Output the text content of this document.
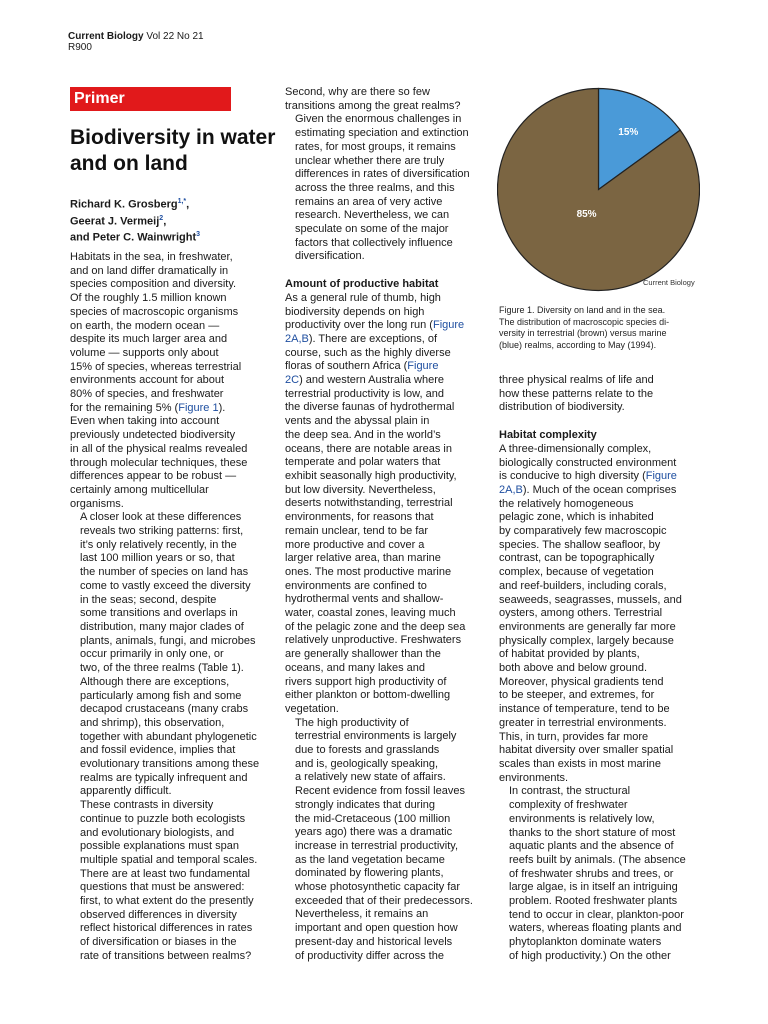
Current Biology Vol 22 No 21
R900
Primer
Biodiversity in water and on land
Richard K. Grosberg$^{1,*}$,
Geerat J. Vermeij$^2$,
and Peter C. Wainwright$^3$

Habitats in the sea, in freshwater,
and on land differ dramatically in
species composition and diversity.
Of the roughly 1.5 million known
species of macroscopic organisms
on earth, the modern ocean —
despite its much larger area and
volume — supports only about
15% of species, whereas terrestrial
environments account for about
80% of species, and freshwater
for the remaining 5% (Figure 1).
Even when taking into account
previously undetected biodiversity
in all of the physical realms revealed
through molecular techniques, these
differences appear to be robust —
certainly among multicellular
organisms.

A closer look at these differences
reveals two striking patterns: first,
it’s only relatively recently, in the
last 100 million years or so, that
the number of species on land has
come to vastly exceed the diversity
in the seas; second, despite
some transitions and overlaps in
distribution, many major clades of
plants, animals, fungi, and microbes
occur primarily in only one, or
two, of the three realms (Table 1).
Although there are exceptions,
particularly among fish and some
decapod crustaceans (many crabs
and shrimp), this observation,
together with abundant phylogenetic
and fossil evidence, implies that
evolutionary transitions among these
realms are typically infrequent and
apparently difficult.

These contrasts in diversity
continue to puzzle both ecologists
and evolutionary biologists, and
possible explanations must span
multiple spatial and temporal scales.
There are at least two fundamental
questions that must be answered:
first, to what extent do the presently
observed differences in diversity
reflect historical differences in rates
of diversification or biases in the
rate of transitions between realms?

Second, why are there so few
transitions among the great realms?

Given the enormous challenges in
estimating speciation and extinction
rates, for most groups, it remains
unclear whether there are truly
differences in rates of diversification
across the three realms, and this
remains an area of very active
research. Nevertheless, we can
speculate on some of the major
factors that collectively influence
diversification.

Amount of productive habitat

As a general rule of thumb, high
biodiversity depends on high
productivity over the long run (Figure
2A,B). There are exceptions, of
course, such as the highly diverse
floras of southern Africa (Figure
2C) and western Australia where
terrestrial productivity is low, and
the diverse faunas of hydrothermal
vents and the abyssal plain in
the deep sea. And in the world’s
oceans, there are notable areas in
temperate and polar waters that
exhibit seasonally high productivity,
but low diversity. Nevertheless,
deserts notwithstanding, terrestrial
environments, for reasons that
remain unclear, tend to be far
more productive and cover a
larger relative area, than marine
ones. The most productive marine
environments are confined to
hydrothermal vents and shallow-
water, coastal zones, leaving much
of the pelagic zone and the deep sea
relatively unproductive. Freshwaters
are generally shallower than the
oceans, and many lakes and
rivers support high productivity of
either plankton or bottom-dwelling
vegetation.

The high productivity of
terrestrial environments is largely
due to forests and grasslands
and is, geologically speaking,
a relatively new state of affairs.
Recent evidence from fossil leaves
strongly indicates that during
the mid-Cretaceous (100 million
years ago) there was a dramatic
increase in terrestrial productivity,
as the land vegetation became
dominated by flowering plants,
whose photosynthetic capacity far
exceeded that of their predecessors.
Nevertheless, it remains an
important and open question how
present-day and historical levels
of productivity differ across the

15%
85%
Current Biology
Figure 1. Diversity on land and in the sea.
The distribution of macroscopic species di-
versity in terrestrial (brown) versus marine
(blue) realms, according to May (1994).

three physical realms of life and
how these patterns relate to the
distribution of biodiversity.

Habitat complexity

A three-dimensionally complex,
biologically constructed environment
is conducive to high diversity (Figure
2A,B). Much of the ocean comprises
the relatively homogeneous
pelagic zone, which is inhabited
by comparatively few macroscopic
species. The shallow seafloor, by
contrast, can be topographically
complex, because of vegetation
and reef-builders, including corals,
seaweeds, seagrasses, mussels, and
oysters, among others. Terrestrial
environments are generally far more
physically complex, largely because
of habitat provided by plants,
both above and below ground.
Moreover, physical gradients tend
to be steeper, and extremes, for
instance of temperature, tend to be
greater in terrestrial environments.
This, in turn, provides far more
habitat diversity over smaller spatial
scales than exists in most marine
environments.

In contrast, the structural
complexity of freshwater
environments is relatively low,
thanks to the short stature of most
aquatic plants and the absence of
reefs built by animals. (The absence
of freshwater shrubs and trees, or
large algae, is in itself an intriguing
problem. Rooted freshwater plants
tend to occur in clear, plankton-poor
waters, whereas floating plants and
phytoplankton dominate waters
of high productivity.) On the other
